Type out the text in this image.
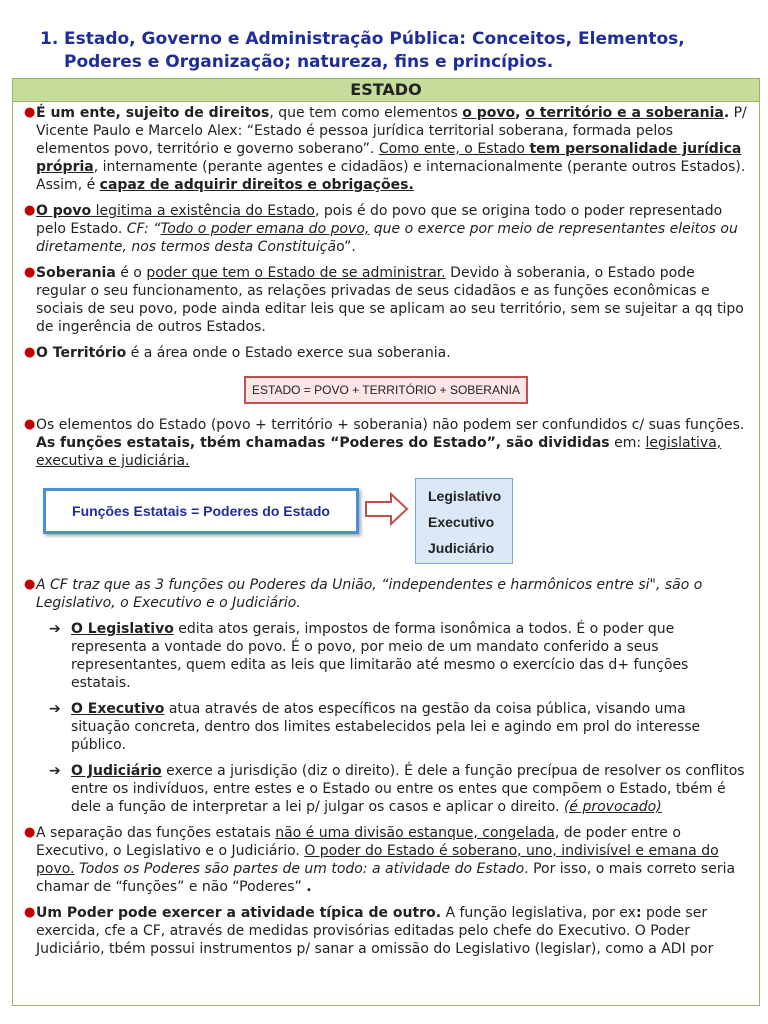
1. Estado, Governo e Administração Pública: Conceitos, Elementos,
Poderes e Organização; natureza, fins e princípios.
ESTADO
● É um ente, sujeito de direitos, que tem como elementos o povo, o território e a soberania. P/ Vicente Paulo e Marcelo Alex: “Estado é pessoa jurídica territorial soberana, formada pelos elementos povo, território e governo soberano”. Como ente, o Estado tem personalidade jurídica própria, internamente (perante agentes e cidadãos) e internacionalmente (perante outros Estados). Assim, é capaz de adquirir direitos e obrigações.
● O povo legitima a existência do Estado, pois é do povo que se origina todo o poder representado pelo Estado. CF: “Todo o poder emana do povo, que o exerce por meio de representantes eleitos ou diretamente, nos termos desta Constituição”.
● Soberania é o poder que tem o Estado de se administrar. Devido à soberania, o Estado pode regular o seu funcionamento, as relações privadas de seus cidadãos e as funções econômicas e sociais de seu povo, pode ainda editar leis que se aplicam ao seu território, sem se sujeitar a qq tipo de ingerência de outros Estados.
● O Território é a área onde o Estado exerce sua soberania.
ESTADO = POVO + TERRITÓRIO + SOBERANIA
● Os elementos do Estado (povo + território + soberania) não podem ser confundidos c/ suas funções. As funções estatais, tbém chamadas “Poderes do Estado”, são divididas em: legislativa, executiva e judiciária.
Funções Estatais = Poderes do Estado
Legislativo
Executivo
Judiciário
● A CF traz que as 3 funções ou Poderes da União, “independentes e harmônicos entre si", são o Legislativo, o Executivo e o Judiciário.
➔ O Legislativo edita atos gerais, impostos de forma isonômica a todos. É o poder que representa a vontade do povo. É o povo, por meio de um mandato conferido a seus representantes, quem edita as leis que limitarão até mesmo o exercício das d+ funções estatais.
➔ O Executivo atua através de atos específicos na gestão da coisa pública, visando uma situação concreta, dentro dos limites estabelecidos pela lei e agindo em prol do interesse público.
➔ O Judiciário exerce a jurisdição (diz o direito). É dele a função precípua de resolver os conflitos entre os indivíduos, entre estes e o Estado ou entre os entes que compõem o Estado, tbém é dele a função de interpretar a lei p/ julgar os casos e aplicar o direito. (é provocado)
● A separação das funções estatais não é uma divisão estanque, congelada, de poder entre o Executivo, o Legislativo e o Judiciário. O poder do Estado é soberano, uno, indivisível e emana do povo. Todos os Poderes são partes de um todo: a atividade do Estado. Por isso, o mais correto seria chamar de “funções” e não “Poderes” .
● Um Poder pode exercer a atividade típica de outro. A função legislativa, por ex: pode ser exercida, cfe a CF, através de medidas provisórias editadas pelo chefe do Executivo. O Poder Judiciário, tbém possui instrumentos p/ sanar a omissão do Legislativo (legislar), como a ADI por
